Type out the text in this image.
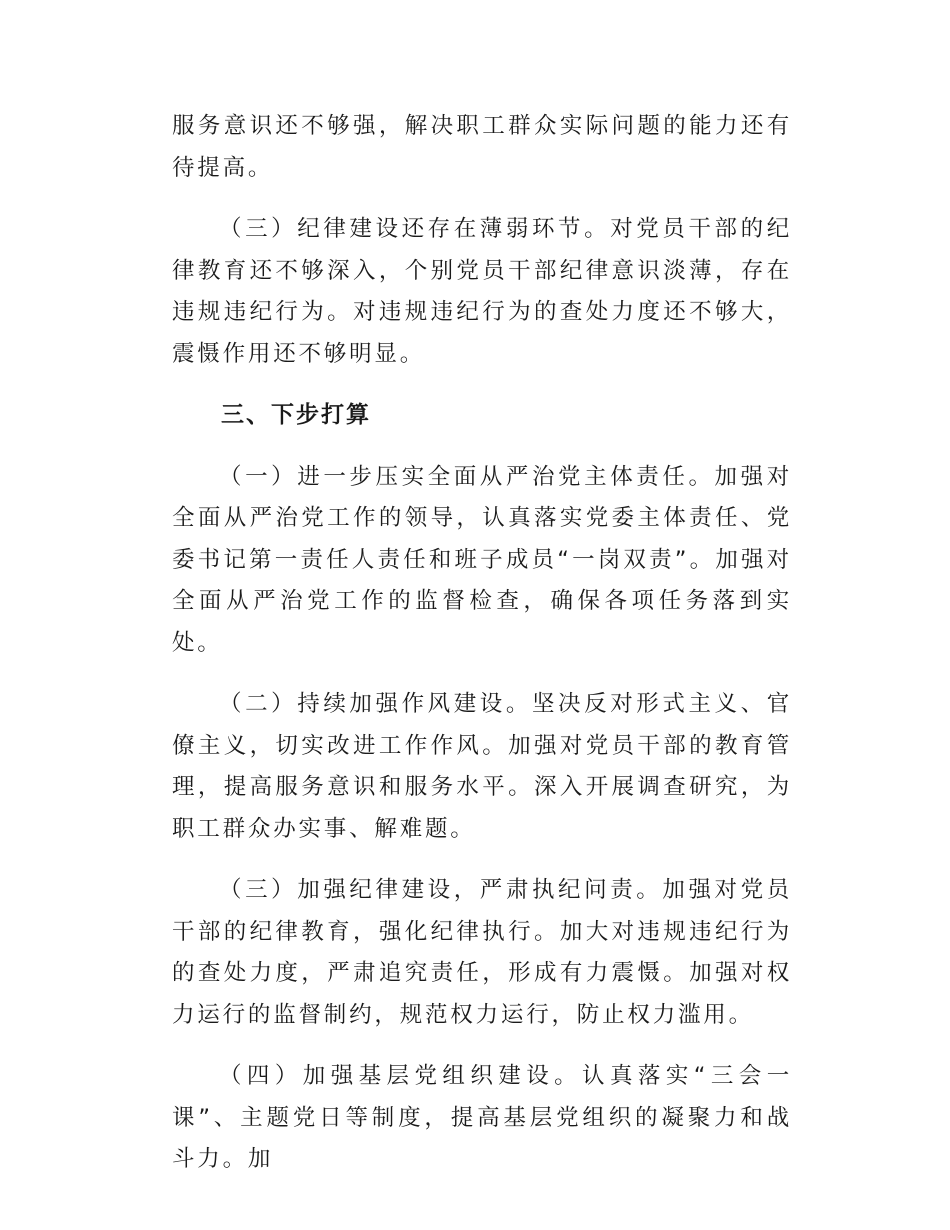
服务意识还不够强，解决职工群众实际问题的能力还有待提高。

（三）纪律建设还存在薄弱环节。对党员干部的纪律教育还不够深入，个别党员干部纪律意识淡薄，存在违规违纪行为。对违规违纪行为的查处力度还不够大，震慑作用还不够明显。

三、下步打算

（一）进一步压实全面从严治党主体责任。加强对全面从严治党工作的领导，认真落实党委主体责任、党委书记第一责任人责任和班子成员“一岗双责”。加强对全面从严治党工作的监督检查，确保各项任务落到实处。

（二）持续加强作风建设。坚决反对形式主义、官僚主义，切实改进工作作风。加强对党员干部的教育管理，提高服务意识和服务水平。深入开展调查研究，为职工群众办实事、解难题。

（三）加强纪律建设，严肃执纪问责。加强对党员干部的纪律教育，强化纪律执行。加大对违规违纪行为的查处力度，严肃追究责任，形成有力震慑。加强对权力运行的监督制约，规范权力运行，防止权力滥用。

（四）加强基层党组织建设。认真落实“三会一课”、主题党日等制度，提高基层党组织的凝聚力和战斗力。加
